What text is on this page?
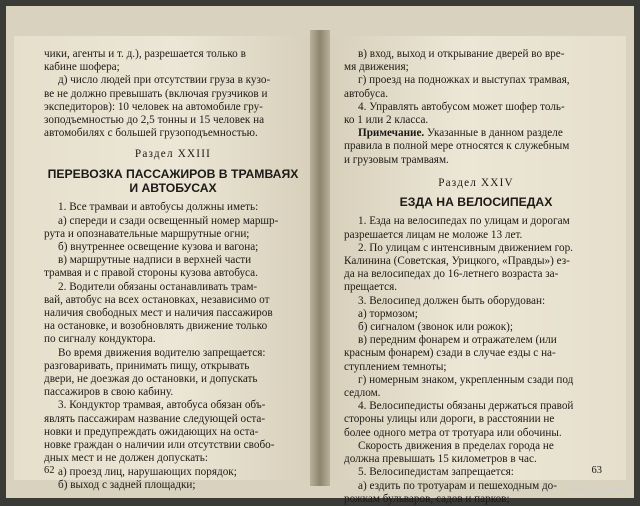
чики, агенты и т. д.), разрешается только в
кабине шофера;
д) число людей при отсутствии груза в кузо-
ве не должно превышать (включая грузчиков и
экспедиторов): 10 человек на автомобиле гру-
зоподъемностью до 2,5 тонны и 15 человек на
автомобилях с большей грузоподъемностью.
Раздел XXIII
ПЕРЕВОЗКА ПАССАЖИРОВ В ТРАМВАЯХ
И АВТОБУСАХ
1. Все трамваи и автобусы должны иметь:
а) спереди и сзади освещенный номер маршр-
рута и опознавательные маршрутные огни;
б) внутреннее освещение кузова и вагона;
в) маршрутные надписи в верхней части
трамвая и с правой стороны кузова автобуса.
2. Водители обязаны останавливать трам-
вай, автобус на всех остановках, независимо от
наличия свободных мест и наличия пассажиров
на остановке, и возобновлять движение только
по сигналу кондуктора.
Во время движения водителю запрещается:
разговаривать, принимать пищу, открывать
двери, не доезжая до остановки, и допускать
пассажиров в свою кабину.
3. Кондуктор трамвая, автобуса обязан объ-
являть пассажирам название следующей оста-
новки и предупреждать ожидающих на оста-
новке граждан о наличии или отсутствии свобо-
дных мест и не должен допускать:
а) проезд лиц, нарушающих порядок;
б) выход с задней площадки;
62
в) вход, выход и открывание дверей во вре-
мя движения;
г) проезд на подножках и выступах трамвая,
автобуса.
4. Управлять автобусом может шофер толь-
ко 1 или 2 класса.
Примечание. Указанные в данном разделе
правила в полной мере относятся к служебным
и грузовым трамваям.
Раздел XXIV
ЕЗДА НА ВЕЛОСИПЕДАХ
1. Езда на велосипедах по улицам и дорогам
разрешается лицам не моложе 13 лет.
2. По улицам с интенсивным движением гор.
Калинина (Советская, Урицкого, «Правды») ез-
да на велосипедах до 16-летнего возраста за-
прещается.
3. Велосипед должен быть оборудован:
а) тормозом;
б) сигналом (звонок или рожок);
в) передним фонарем и отражателем (или
красным фонарем) сзади в случае езды с на-
ступлением темноты;
г) номерным знаком, укрепленным сзади под
седлом.
4. Велосипедисты обязаны держаться правой
стороны улицы или дороги, в расстоянии не
более одного метра от тротуара или обочины.
Скорость движения в пределах города не
должна превышать 15 километров в час.
5. Велосипедистам запрещается:
а) ездить по тротуарам и пешеходным до-
рожкам бульваров, садов и парков;
63
YAPLAKAL.COM
